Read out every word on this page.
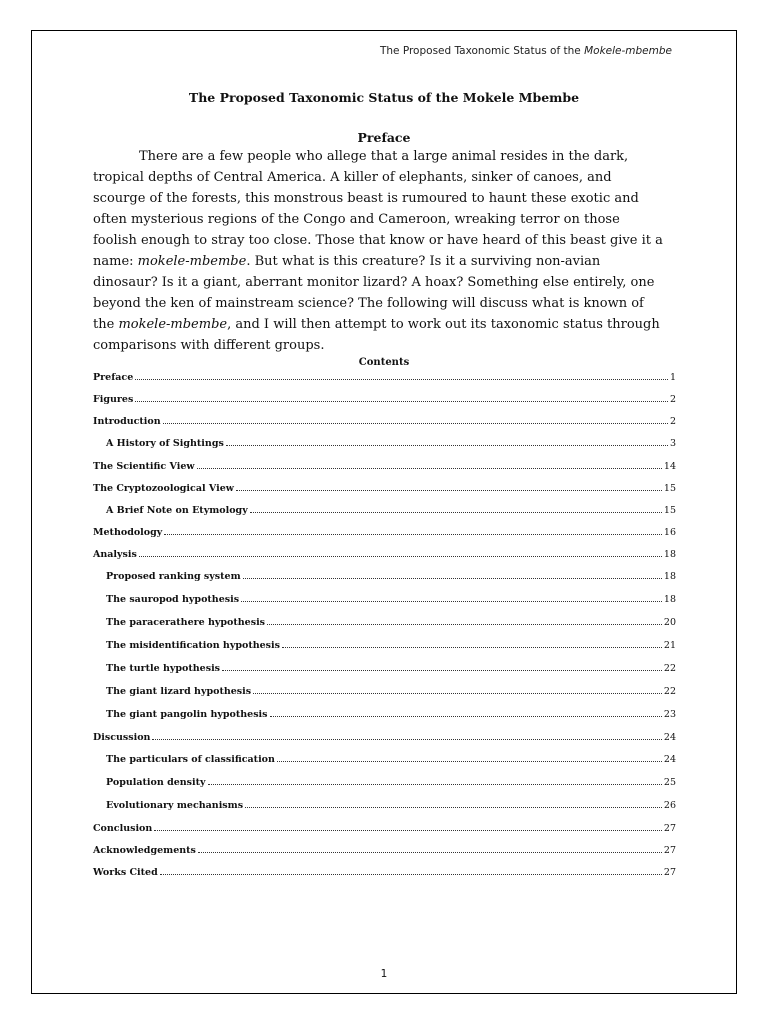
The Proposed Taxonomic Status of the Mokele-mbembe
The Proposed Taxonomic Status of the Mokele Mbembe
Preface

There are a few people who allege that a large animal resides in the dark, tropical depths of Central America. A killer of elephants, sinker of canoes, and scourge of the forests, this monstrous beast is rumoured to haunt these exotic and often mysterious regions of the Congo and Cameroon, wreaking terror on those foolish enough to stray too close. Those that know or have heard of this beast give it a name: mokele-mbembe. But what is this creature? Is it a surviving non-avian dinosaur? Is it a giant, aberrant monitor lizard? A hoax? Something else entirely, one beyond the ken of mainstream science? The following will discuss what is known of the mokele-mbembe, and I will then attempt to work out its taxonomic status through comparisons with different groups.

Contents
Preface	1
Figures	2
Introduction	2
A History of Sightings	3
The Scientific View	14
The Cryptozoological View	15
A Brief Note on Etymology	15
Methodology	16
Analysis	18
Proposed ranking system	18
The sauropod hypothesis	18
The paracerathere hypothesis	20
The misidentification hypothesis	21
The turtle hypothesis	22
The giant lizard hypothesis	22
The giant pangolin hypothesis	23
Discussion	24
The particulars of classification	24
Population density	25
Evolutionary mechanisms	26
Conclusion	27
Acknowledgements	27
Works Cited	27
1
